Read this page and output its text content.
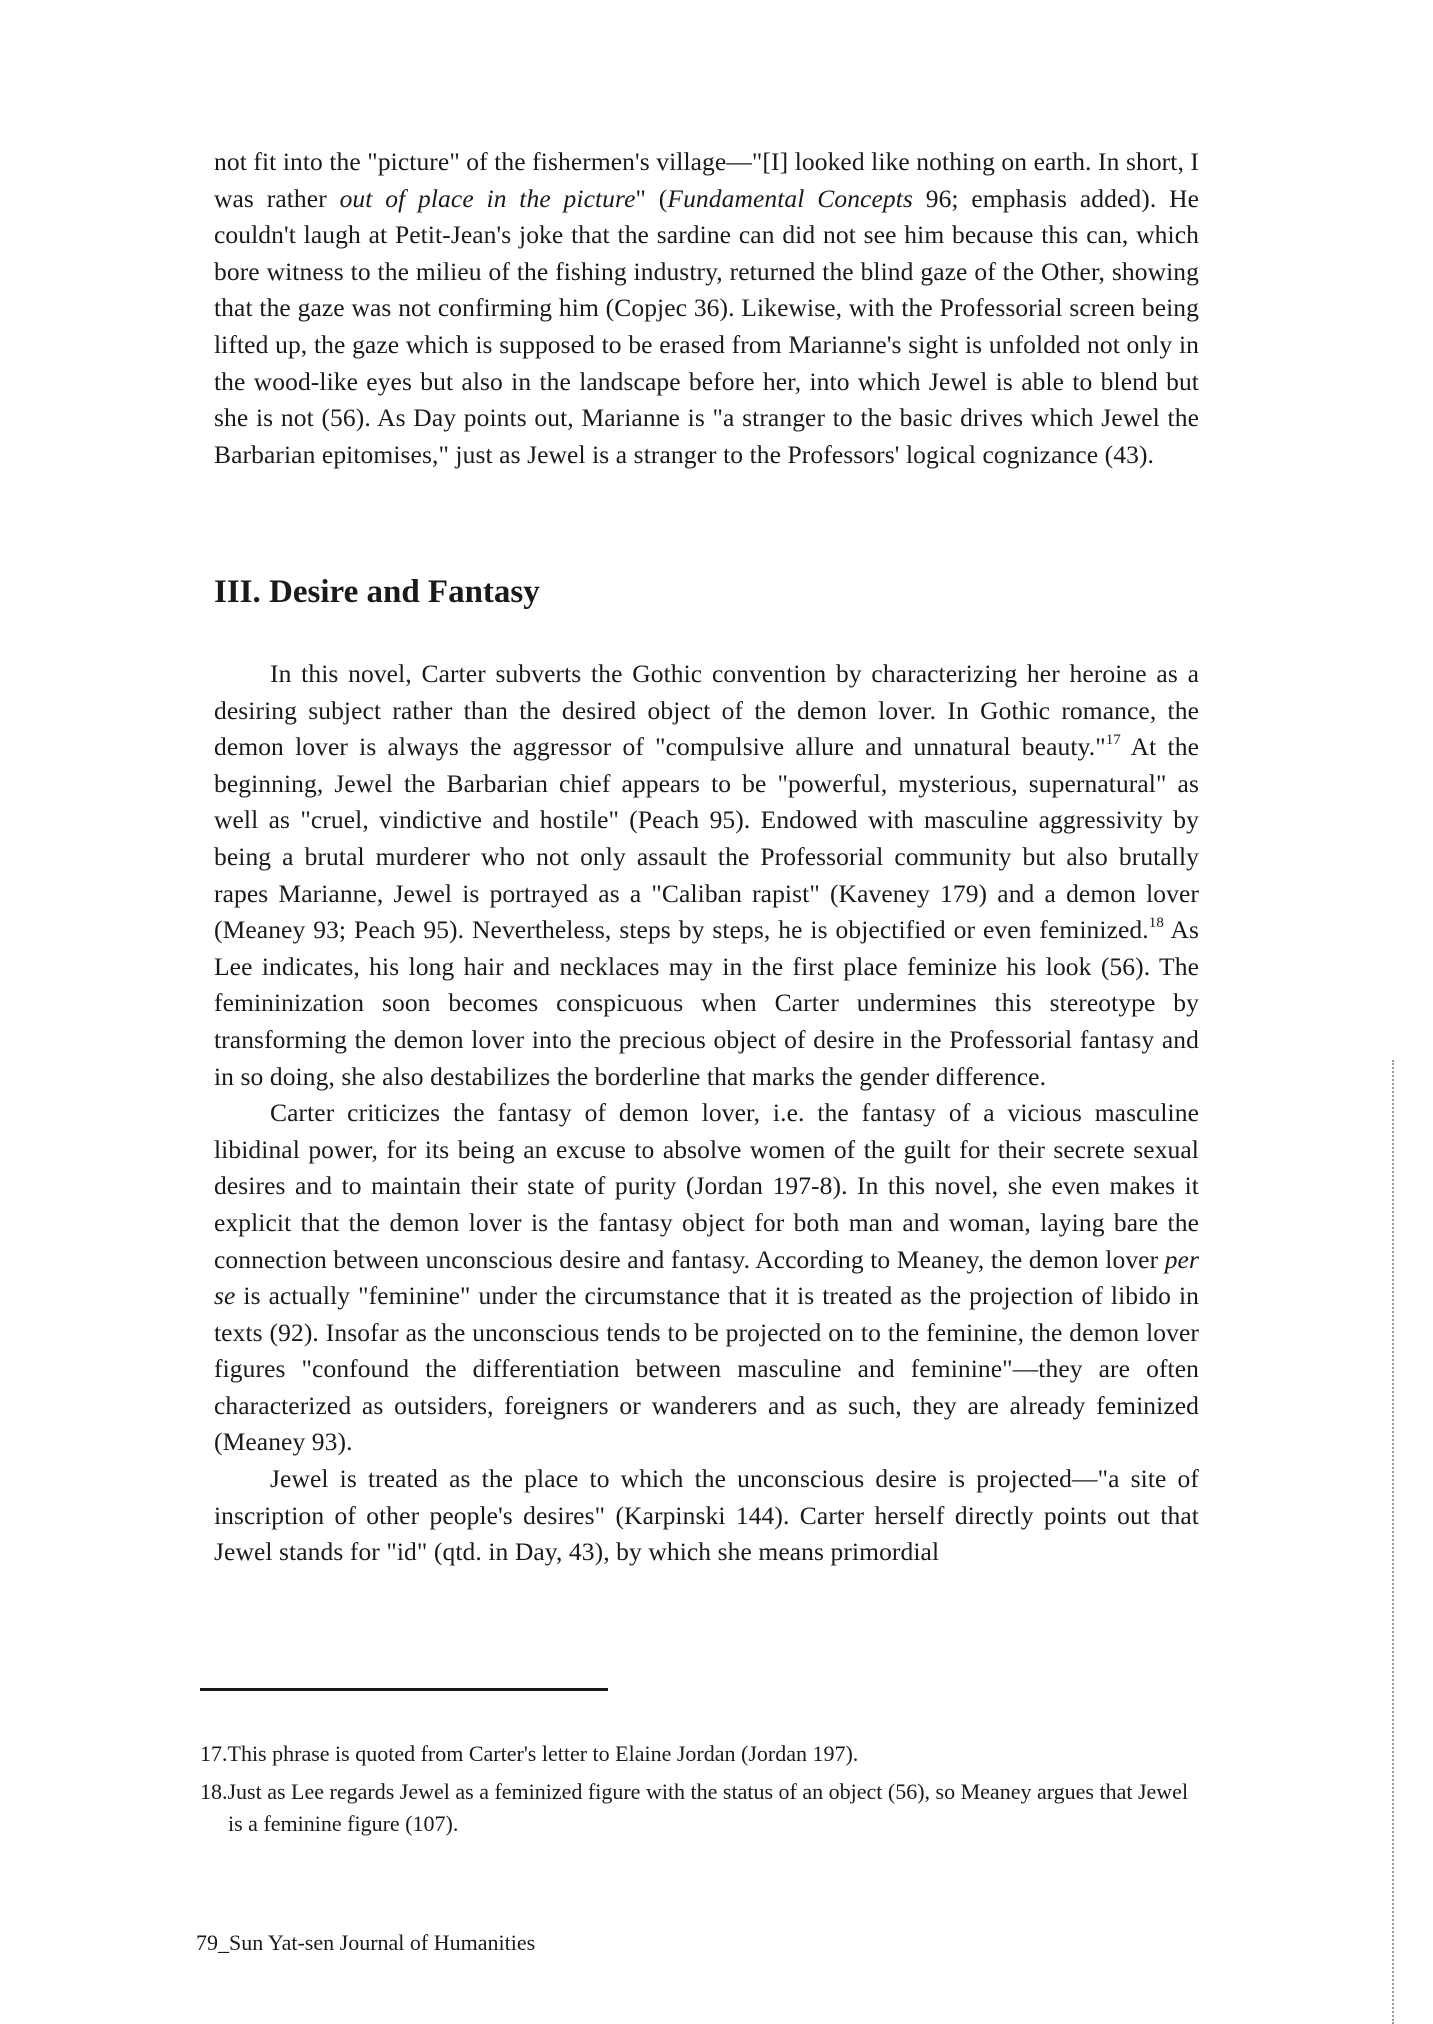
not fit into the "picture" of the fishermen's village—"[I] looked like nothing on earth. In short, I was rather out of place in the picture" (Fundamental Concepts 96; emphasis added). He couldn't laugh at Petit-Jean's joke that the sardine can did not see him because this can, which bore witness to the milieu of the fishing industry, returned the blind gaze of the Other, showing that the gaze was not confirming him (Copjec 36). Likewise, with the Professorial screen being lifted up, the gaze which is supposed to be erased from Marianne's sight is unfolded not only in the wood-like eyes but also in the landscape before her, into which Jewel is able to blend but she is not (56). As Day points out, Marianne is "a stranger to the basic drives which Jewel the Barbarian epitomises," just as Jewel is a stranger to the Professors' logical cognizance (43).

III. Desire and Fantasy

In this novel, Carter subverts the Gothic convention by characterizing her heroine as a desiring subject rather than the desired object of the demon lover. In Gothic romance, the demon lover is always the aggressor of "compulsive allure and unnatural beauty."$^{17}$ At the beginning, Jewel the Barbarian chief appears to be "powerful, mysterious, supernatural" as well as "cruel, vindictive and hostile" (Peach 95). Endowed with masculine aggressivity by being a brutal murderer who not only assault the Professorial community but also brutally rapes Marianne, Jewel is portrayed as a "Caliban rapist" (Kaveney 179) and a demon lover (Meaney 93; Peach 95). Nevertheless, steps by steps, he is objectified or even feminized.$^{18}$ As Lee indicates, his long hair and necklaces may in the first place feminize his look (56). The femininization soon becomes conspicuous when Carter undermines this stereotype by transforming the demon lover into the precious object of desire in the Professorial fantasy and in so doing, she also destabilizes the borderline that marks the gender difference.

Carter criticizes the fantasy of demon lover, i.e. the fantasy of a vicious masculine libidinal power, for its being an excuse to absolve women of the guilt for their secrete sexual desires and to maintain their state of purity (Jordan 197-8). In this novel, she even makes it explicit that the demon lover is the fantasy object for both man and woman, laying bare the connection between unconscious desire and fantasy. According to Meaney, the demon lover per se is actually "feminine" under the circumstance that it is treated as the projection of libido in texts (92). Insofar as the unconscious tends to be projected on to the feminine, the demon lover figures "confound the differentiation between masculine and feminine"—they are often characterized as outsiders, foreigners or wanderers and as such, they are already feminized (Meaney 93).

Jewel is treated as the place to which the unconscious desire is projected—"a site of inscription of other people's desires" (Karpinski 144). Carter herself directly points out that Jewel stands for "id" (qtd. in Day, 43), by which she means primordial

17.This phrase is quoted from Carter's letter to Elaine Jordan (Jordan 197).

18.Just as Lee regards Jewel as a feminized figure with the status of an object (56), so Meaney argues that Jewel is a feminine figure (107).

79_Sun Yat-sen Journal of Humanities
